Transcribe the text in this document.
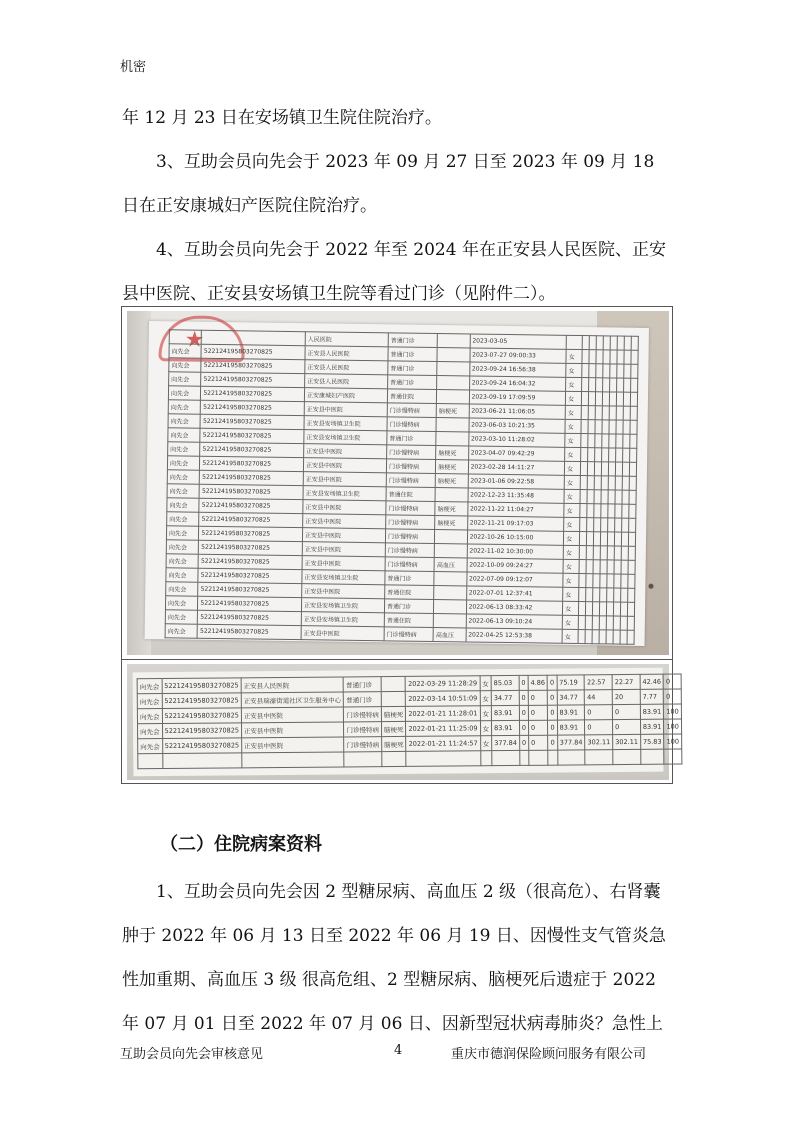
机密

年 12 月 23 日在安场镇卫生院住院治疗。

3、互助会员向先会于 2023 年 09 月 27 日至 2023 年 09 月 18 日在正安康城妇产医院住院治疗。

4、互助会员向先会于 2022 年至 2024 年在正安县人民医院、正安县中医院、正安县安场镇卫生院等看过门诊（见附件二）。

★
			人民医院	普通门诊		2023-03-05									
向先会	522124195803270825	正安县人民医院	普通门诊		2023-07-27 09:00:33	女								
向先会	522124195803270825	正安县人民医院	普通门诊		2023-09-24 16:56:38	女								
向先会	522124195803270825	正安县人民医院	普通门诊		2023-09-24 16:04:32	女								
向先会	522124195803270825	正安康城妇产医院	普通住院		2023-09-19 17:09:59	女								
向先会	522124195803270825	正安县中医院	门诊慢特病	脑梗死	2023-06-21 11:06:05	女								
向先会	522124195803270825	正安县安场镇卫生院	门诊慢特病		2023-06-03 10:21:35	女								
向先会	522124195803270825	正安县安场镇卫生院	普通门诊		2023-03-10 11:28:02	女								
向先会	522124195803270825	正安县中医院	门诊慢特病	脑梗死	2023-04-07 09:42:29	女								
向先会	522124195803270825	正安县中医院	门诊慢特病	脑梗死	2023-02-28 14:11:27	女								
向先会	522124195803270825	正安县中医院	门诊慢特病	脑梗死	2023-01-06 09:22:58	女								
向先会	522124195803270825	正安县安场镇卫生院	普通住院		2022-12-23 11:35:48	女								
向先会	522124195803270825	正安县中医院	门诊慢特病	脑梗死	2022-11-22 11:04:27	女								
向先会	522124195803270825	正安县中医院	门诊慢特病	脑梗死	2022-11-21 09:17:03	女								
向先会	522124195803270825	正安县中医院	门诊慢特病		2022-10-26 10:15:00	女								
向先会	522124195803270825	正安县中医院	门诊慢特病		2022-11-02 10:30:00	女								
向先会	522124195803270825	正安县中医院	门诊慢特病	高血压	2022-10-09 09:24:27	女								
向先会	522124195803270825	正安县安场镇卫生院	普通门诊		2022-07-09 09:12:07	女								
向先会	522124195803270825	正安县中医院	普通住院		2022-07-01 12:37:41	女								
向先会	522124195803270825	正安县安场镇卫生院	普通门诊		2022-06-13 08:33:42	女								
向先会	522124195803270825	正安县安场镇卫生院	普通住院		2022-06-13 09:10:24	女								
向先会	522124195803270825	正安县中医院	门诊慢特病	高血压	2022-04-25 12:53:38	女								
向先会	522124195803270825	正安县人民医院	普通门诊		2022-03-29 11:28:29	女	85.03	0	4.86	0	75.19	22.57	22.27	42.46	0
向先会	522124195803270825	正安县瑞濠街道社区卫生服务中心	普通门诊		2022-03-14 10:51:09	女	34.77	0	0	0	34.77	44	20	7.77	0
向先会	522124195803270825	正安县中医院	门诊慢特病	脑梗死	2022-01-21 11:28:01	女	83.91	0	0	0	83.91	0	0	83.91	100
向先会	522124195803270825	正安县中医院	门诊慢特病	脑梗死	2022-01-21 11:25:09	女	83.91	0	0	0	83.91	0	0	83.91	100
向先会	522124195803270825	正安县中医院	门诊慢特病	脑梗死	2022-01-21 11:24:57	女	377.84	0	0	0	377.84	302.11	302.11	75.83	100

（二）住院病案资料

1、互助会员向先会因 2 型糖尿病、高血压 2 级（很高危）、右肾囊肿于 2022 年 06 月 13 日至 2022 年 06 月 19 日、因慢性支气管炎急性加重期、高血压 3 级 很高危组、2 型糖尿病、脑梗死后遗症于 2022 年 07 月 01 日至 2022 年 07 月 06 日、因新型冠状病毒肺炎？急性上

互助会员向先会审核意见	4	重庆市德润保险顾问服务有限公司
